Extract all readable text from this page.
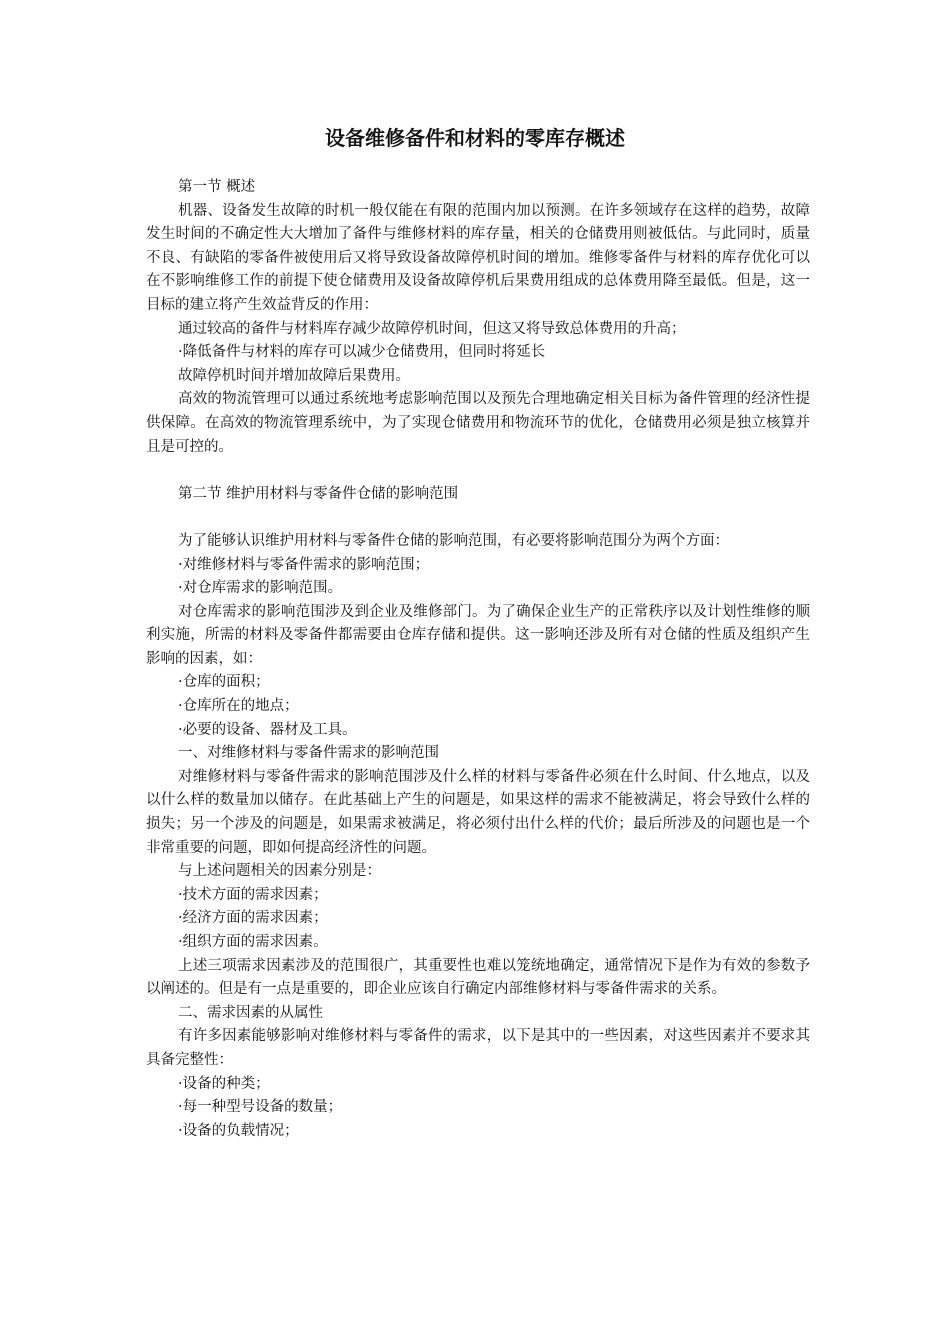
设备维修备件和材料的零库存概述

第一节 概述

机器、设备发生故障的时机一般仅能在有限的范围内加以预测。在许多领域存在这样的趋势，故障发生时间的不确定性大大增加了备件与维修材料的库存量，相关的仓储费用则被低估。与此同时，质量不良、有缺陷的零备件被使用后又将导致设备故障停机时间的增加。维修零备件与材料的库存优化可以在不影响维修工作的前提下使仓储费用及设备故障停机后果费用组成的总体费用降至最低。但是，这一目标的建立将产生效益背反的作用：

通过较高的备件与材料库存减少故障停机时间，但这又将导致总体费用的升高；

·降低备件与材料的库存可以减少仓储费用，但同时将延长

故障停机时间并增加故障后果费用。

高效的物流管理可以通过系统地考虑影响范围以及预先合理地确定相关目标为备件管理的经济性提供保障。在高效的物流管理系统中，为了实现仓储费用和物流环节的优化，仓储费用必须是独立核算并且是可控的。

第二节 维护用材料与零备件仓储的影响范围

为了能够认识维护用材料与零备件仓储的影响范围，有必要将影响范围分为两个方面：

·对维修材料与零备件需求的影响范围；

·对仓库需求的影响范围。

对仓库需求的影响范围涉及到企业及维修部门。为了确保企业生产的正常秩序以及计划性维修的顺利实施，所需的材料及零备件都需要由仓库存储和提供。这一影响还涉及所有对仓储的性质及组织产生影响的因素，如：

·仓库的面积；

·仓库所在的地点；

·必要的设备、器材及工具。

一、对维修材料与零备件需求的影响范围

对维修材料与零备件需求的影响范围涉及什么样的材料与零备件必须在什么时间、什么地点，以及以什么样的数量加以储存。在此基础上产生的问题是，如果这样的需求不能被满足，将会导致什么样的损失；另一个涉及的问题是，如果需求被满足，将必须付出什么样的代价；最后所涉及的问题也是一个非常重要的问题，即如何提高经济性的问题。

与上述问题相关的因素分别是：

·技术方面的需求因素；

·经济方面的需求因素；

·组织方面的需求因素。

上述三项需求因素涉及的范围很广，其重要性也难以笼统地确定，通常情况下是作为有效的参数予以阐述的。但是有一点是重要的，即企业应该自行确定内部维修材料与零备件需求的关系。

二、需求因素的从属性

有许多因素能够影响对维修材料与零备件的需求，以下是其中的一些因素，对这些因素并不要求其具备完整性：

·设备的种类；

·每一种型号设备的数量；

·设备的负载情况；
